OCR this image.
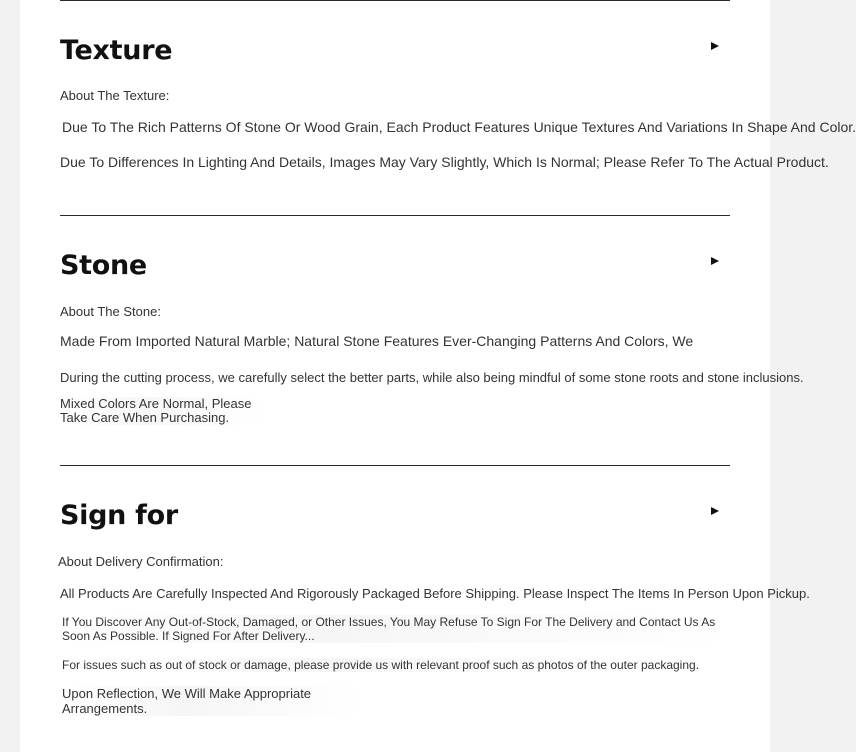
Texture

About The Texture:

Due To The Rich Patterns Of Stone Or Wood Grain, Each Product Features Unique Textures And Variations In Shape And Color.

Due To Differences In Lighting And Details, Images May Vary Slightly, Which Is Normal; Please Refer To The Actual Product.

Stone

About The Stone:

Made From Imported Natural Marble; Natural Stone Features Ever-Changing Patterns And Colors, We

During the cutting process, we carefully select the better parts, while also being mindful of some stone roots and stone inclusions.

Mixed Colors Are Normal, Please
Take Care When Purchasing.
Sign for

About Delivery Confirmation:

All Products Are Carefully Inspected And Rigorously Packaged Before Shipping. Please Inspect The Items In Person Upon Pickup.

If You Discover Any Out-of-Stock, Damaged, or Other Issues, You May Refuse To Sign For The Delivery and Contact Us As
Soon As Possible. If Signed For After Delivery...

For issues such as out of stock or damage, please provide us with relevant proof such as photos of the outer packaging.

Upon Reflection, We Will Make Appropriate
Arrangements.
